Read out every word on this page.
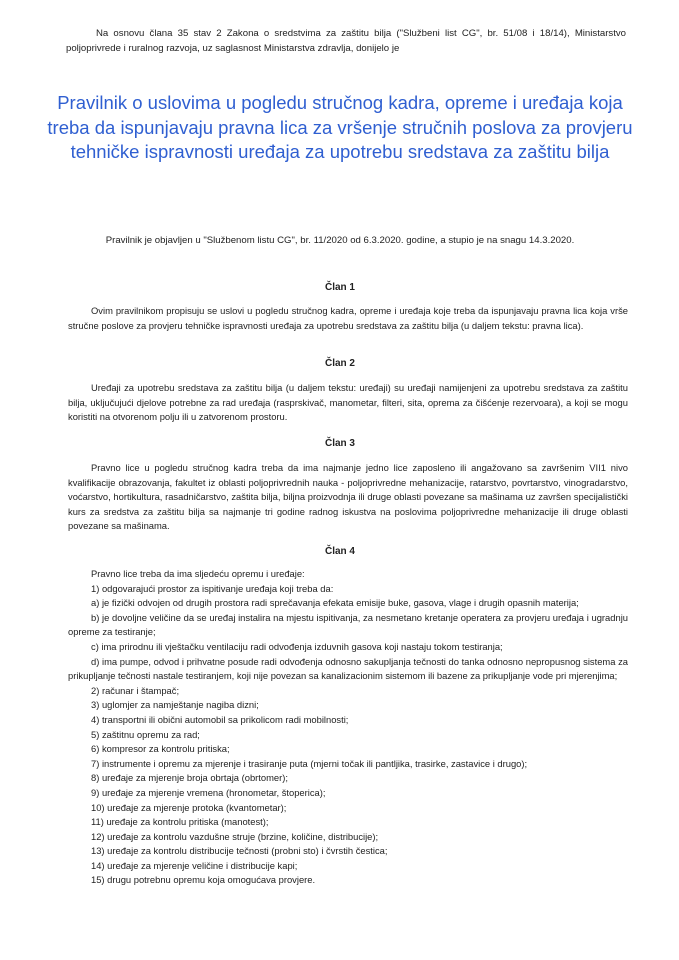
Na osnovu člana 35 stav 2 Zakona o sredstvima za zaštitu bilja ("Službeni list CG", br. 51/08 i 18/14), Ministarstvo poljoprivrede i ruralnog razvoja, uz saglasnost Ministarstva zdravlja, donijelo je

Pravilnik o uslovima u pogledu stručnog kadra, opreme i uređaja koja treba da ispunjavaju pravna lica za vršenje stručnih poslova za provjeru tehničke ispravnosti uređaja za upotrebu sredstava za zaštitu bilja

Pravilnik je objavljen u "Službenom listu CG", br. 11/2020 od 6.3.2020. godine, a stupio je na snagu 14.3.2020.

Član 1

Ovim pravilnikom propisuju se uslovi u pogledu stručnog kadra, opreme i uređaja koje treba da ispunjavaju pravna lica koja vrše stručne poslove za provjeru tehničke ispravnosti uređaja za upotrebu sredstava za zaštitu bilja (u daljem tekstu: pravna lica).

Član 2

Uređaji za upotrebu sredstava za zaštitu bilja (u daljem tekstu: uređaji) su uređaji namijenjeni za upotrebu sredstava za zaštitu bilja, uključujući djelove potrebne za rad uređaja (rasprskivač, manometar, filteri, sita, oprema za čišćenje rezervoara), a koji se mogu koristiti na otvorenom polju ili u zatvorenom prostoru.

Član 3

Pravno lice u pogledu stručnog kadra treba da ima najmanje jedno lice zaposleno ili angažovano sa završenim VII1 nivo kvalifikacije obrazovanja, fakultet iz oblasti poljoprivrednih nauka - poljoprivredne mehanizacije, ratarstvo, povrtarstvo, vinogradarstvo, voćarstvo, hortikultura, rasadničarstvo, zaštita bilja, biljna proizvodnja ili druge oblasti povezane sa mašinama uz završen specijalistički kurs za sredstva za zaštitu bilja sa najmanje tri godine radnog iskustva na poslovima poljoprivredne mehanizacije ili druge oblasti povezane sa mašinama.

Član 4
Pravno lice treba da ima sljedeću opremu i uređaje:
1) odgovarajući prostor za ispitivanje uređaja koji treba da:
a) je fizički odvojen od drugih prostora radi sprečavanja efekata emisije buke, gasova, vlage i drugih opasnih materija;
b) je dovoljne veličine da se uređaj instalira na mjestu ispitivanja, za nesmetano kretanje operatera za provjeru uređaja i ugradnju opreme za testiranje;
c) ima prirodnu ili vještačku ventilaciju radi odvođenja izduvnih gasova koji nastaju tokom testiranja;
d) ima pumpe, odvod i prihvatne posude radi odvođenja odnosno sakupljanja tečnosti do tanka odnosno nepropusnog sistema za prikupljanje tečnosti nastale testiranjem, koji nije povezan sa kanalizacionim sistemom ili bazene za prikupljanje vode pri mjerenjima;
2) računar i štampač;
3) uglomjer za namještanje nagiba dizni;
4) transportni ili obični automobil sa prikolicom radi mobilnosti;
5) zaštitnu opremu za rad;
6) kompresor za kontrolu pritiska;
7) instrumente i opremu za mjerenje i trasiranje puta (mjerni točak ili pantljika, trasirke, zastavice i drugo);
8) uređaje za mjerenje broja obrtaja (obrtomer);
9) uređaje za mjerenje vremena (hronometar, štoperica);
10) uređaje za mjerenje protoka (kvantometar);
11) uređaje za kontrolu pritiska (manotest);
12) uređaje za kontrolu vazdušne struje (brzine, količine, distribucije);
13) uređaje za kontrolu distribucije tečnosti (probni sto) i čvrstih čestica;
14) uređaje za mjerenje veličine i distribucije kapi;
15) drugu potrebnu opremu koja omogućava provjere.
